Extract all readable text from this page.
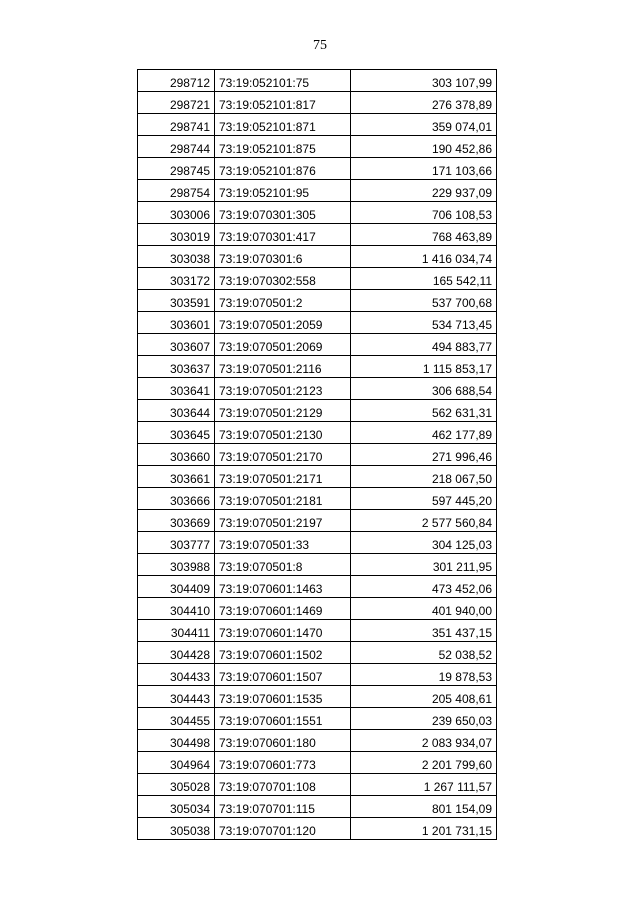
75
298712	73:19:052101:75	303 107,99
298721	73:19:052101:817	276 378,89
298741	73:19:052101:871	359 074,01
298744	73:19:052101:875	190 452,86
298745	73:19:052101:876	171 103,66
298754	73:19:052101:95	229 937,09
303006	73:19:070301:305	706 108,53
303019	73:19:070301:417	768 463,89
303038	73:19:070301:6	1 416 034,74
303172	73:19:070302:558	165 542,11
303591	73:19:070501:2	537 700,68
303601	73:19:070501:2059	534 713,45
303607	73:19:070501:2069	494 883,77
303637	73:19:070501:2116	1 115 853,17
303641	73:19:070501:2123	306 688,54
303644	73:19:070501:2129	562 631,31
303645	73:19:070501:2130	462 177,89
303660	73:19:070501:2170	271 996,46
303661	73:19:070501:2171	218 067,50
303666	73:19:070501:2181	597 445,20
303669	73:19:070501:2197	2 577 560,84
303777	73:19:070501:33	304 125,03
303988	73:19:070501:8	301 211,95
304409	73:19:070601:1463	473 452,06
304410	73:19:070601:1469	401 940,00
304411	73:19:070601:1470	351 437,15
304428	73:19:070601:1502	52 038,52
304433	73:19:070601:1507	19 878,53
304443	73:19:070601:1535	205 408,61
304455	73:19:070601:1551	239 650,03
304498	73:19:070601:180	2 083 934,07
304964	73:19:070601:773	2 201 799,60
305028	73:19:070701:108	1 267 111,57
305034	73:19:070701:115	801 154,09
305038	73:19:070701:120	1 201 731,15
